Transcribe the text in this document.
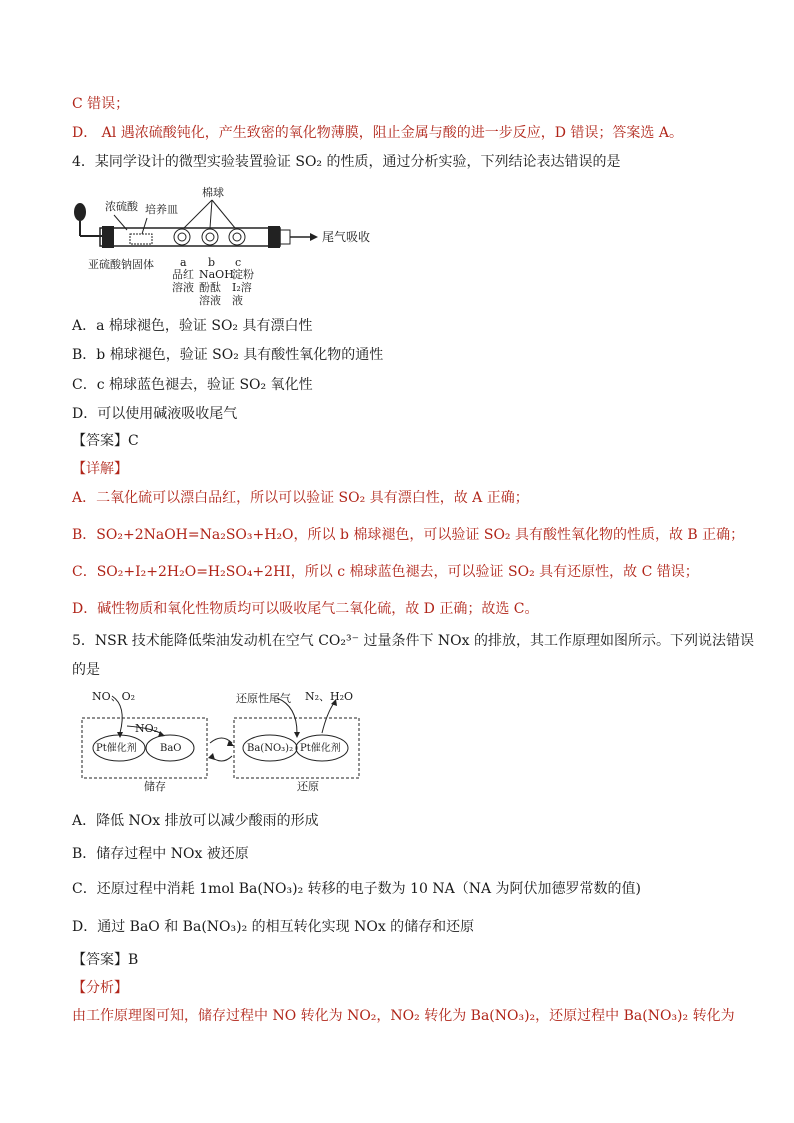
C 错误；
D． Al 遇浓硫酸钝化，产生致密的氧化物薄膜，阻止金属与酸的进一步反应，D 错误；答案选 A。
4．某同学设计的微型实验装置验证 SO₂ 的性质，通过分析实验，下列结论表达错误的是
浓硫酸 培养皿
棉球
尾气吸收
亚硫酸钠固体 a b c
品红溶液
NaOH酚酞溶液
淀粉I₂溶液
A．a 棉球褪色，验证 SO₂ 具有漂白性
B．b 棉球褪色，验证 SO₂ 具有酸性氧化物的通性
C．c 棉球蓝色褪去，验证 SO₂ 氧化性
D．可以使用碱液吸收尾气
【答案】C
【详解】
A．二氧化硫可以漂白品红，所以可以验证 SO₂ 具有漂白性，故 A 正确；
B．SO₂+2NaOH=Na₂SO₃+H₂O，所以 b 棉球褪色，可以验证 SO₂ 具有酸性氧化物的性质，故 B 正确；
C．SO₂+I₂+2H₂O=H₂SO₄+2HI，所以 c 棉球蓝色褪去，可以验证 SO₂ 具有还原性，故 C 错误；
D．碱性物质和氧化性物质均可以吸收尾气二氧化硫，故 D 正确；故选 C。
5．NSR 技术能降低柴油发动机在空气 CO₂³⁻ 过量条件下 NOx 的排放，其工作原理如图所示。下列说法错误
的是
NO、O₂
NO₂
Pt催化剂 BaO
储存
还原性尾气 N₂、H₂O
Ba(NO₃)₂ Pt催化剂
还原
A．降低 NOx 排放可以减少酸雨的形成
B．储存过程中 NOx 被还原
C．还原过程中消耗 1mol Ba(NO₃)₂ 转移的电子数为 10 NA（NA 为阿伏加德罗常数的值)
D．通过 BaO 和 Ba(NO₃)₂ 的相互转化实现 NOx 的储存和还原
【答案】B
【分析】
由工作原理图可知，储存过程中 NO 转化为 NO₂，NO₂ 转化为 Ba(NO₃)₂，还原过程中 Ba(NO₃)₂ 转化为
